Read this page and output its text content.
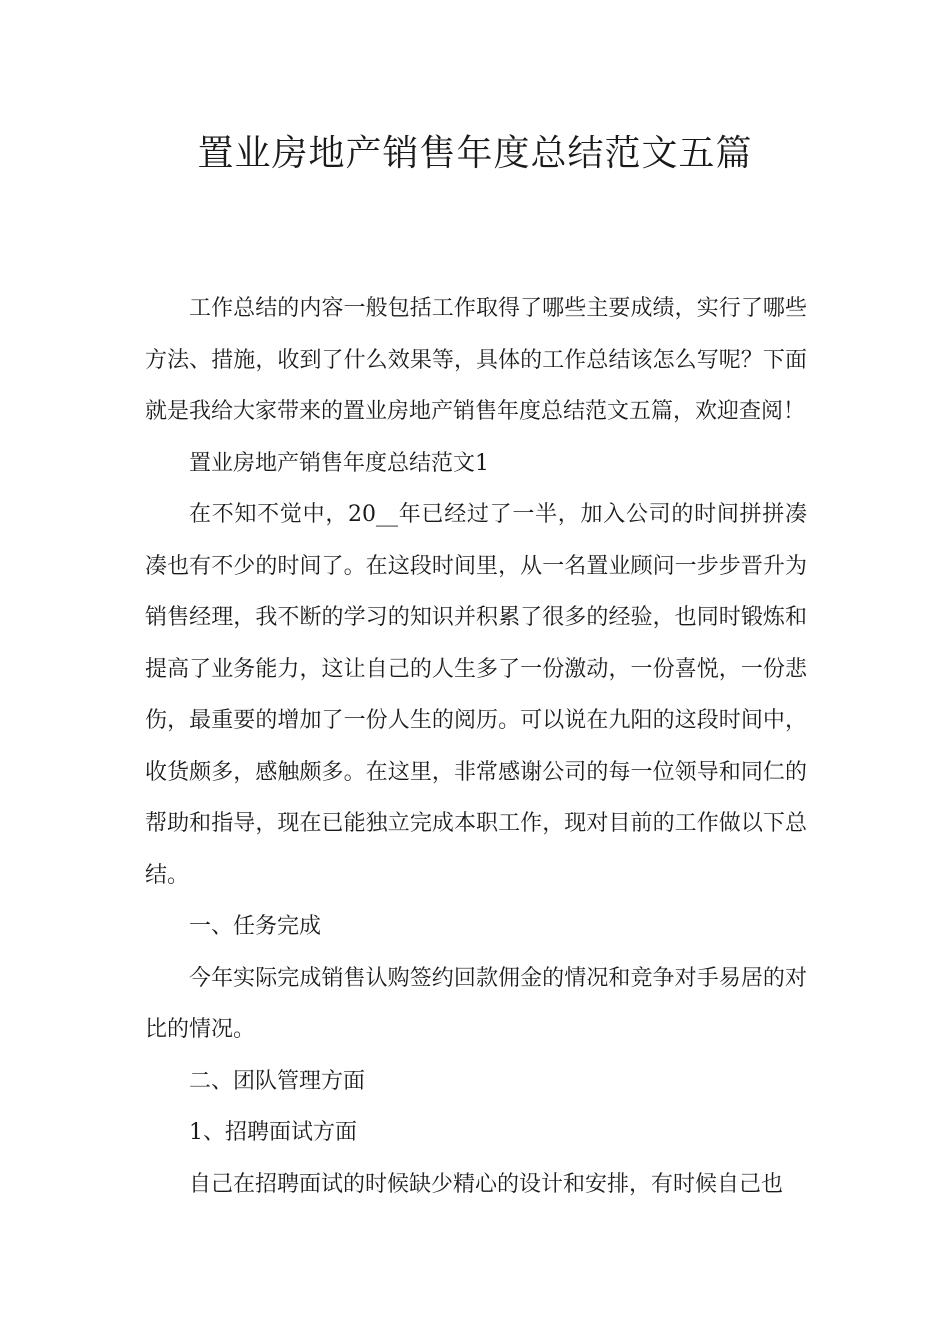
置业房地产销售年度总结范文五篇

工作总结的内容一般包括工作取得了哪些主要成绩，实行了哪些方法、措施，收到了什么效果等，具体的工作总结该怎么写呢？下面就是我给大家带来的置业房地产销售年度总结范文五篇，欢迎查阅！

置业房地产销售年度总结范文1

在不知不觉中，20__年已经过了一半，加入公司的时间拼拼凑凑也有不少的时间了。在这段时间里，从一名置业顾问一步步晋升为销售经理，我不断的学习的知识并积累了很多的经验，也同时锻炼和提高了业务能力，这让自己的人生多了一份激动，一份喜悦，一份悲伤，最重要的增加了一份人生的阅历。可以说在九阳的这段时间中，收货颇多，感触颇多。在这里，非常感谢公司的每一位领导和同仁的帮助和指导，现在已能独立完成本职工作，现对目前的工作做以下总结。

一、任务完成

今年实际完成销售认购签约回款佣金的情况和竞争对手易居的对比的情况。

二、团队管理方面

1、招聘面试方面

自己在招聘面试的时候缺少精心的设计和安排，有时候自己也
